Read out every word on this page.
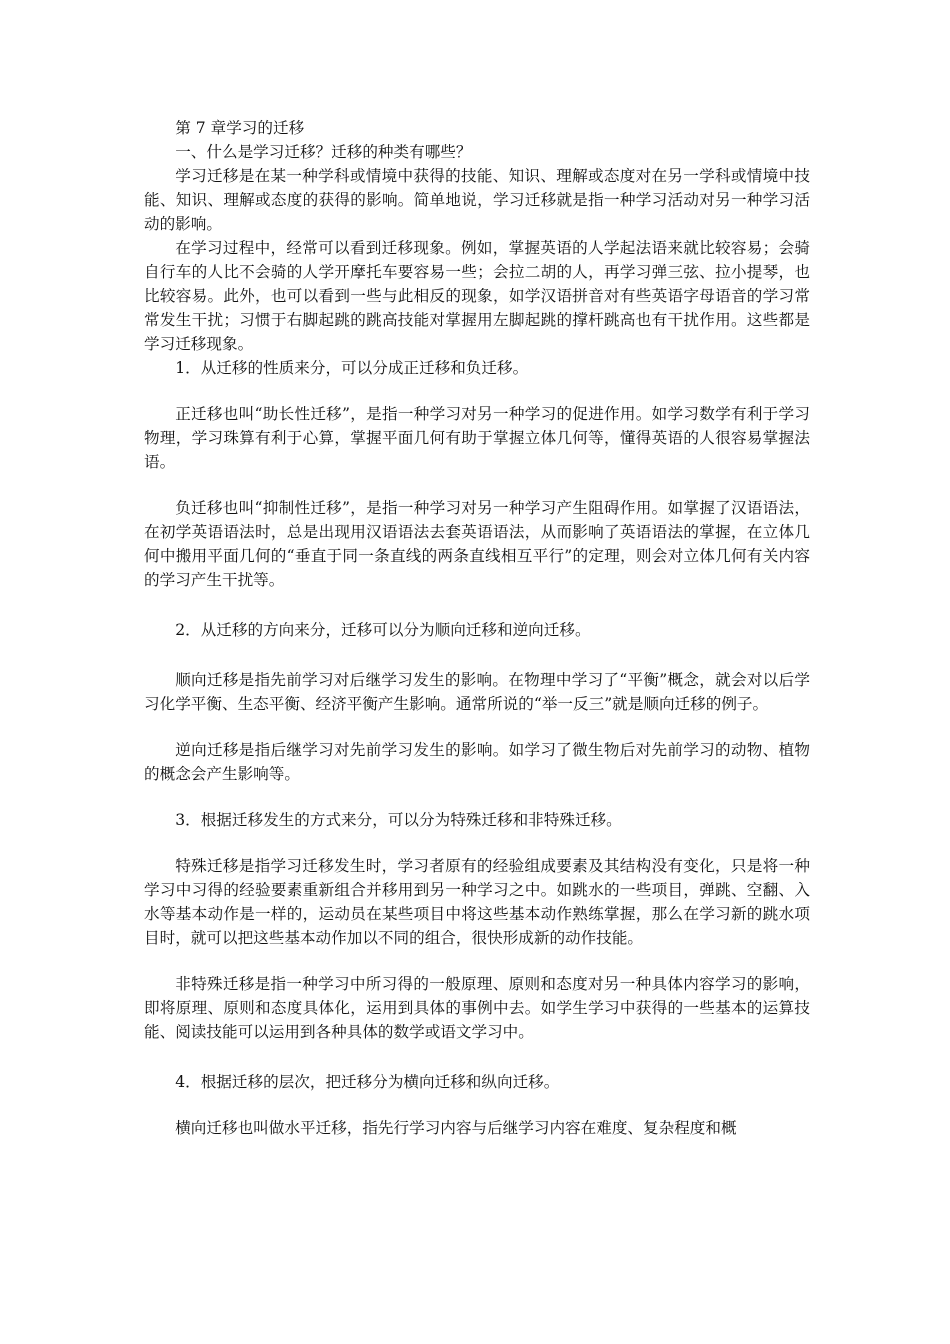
第 7 章学习的迁移

一、什么是学习迁移？迁移的种类有哪些？

学习迁移是在某一种学科或情境中获得的技能、知识、理解或态度对在另一学科或情境中技能、知识、理解或态度的获得的影响。简单地说，学习迁移就是指一种学习活动对另一种学习活动的影响。

在学习过程中，经常可以看到迁移现象。例如，掌握英语的人学起法语来就比较容易；会骑自行车的人比不会骑的人学开摩托车要容易一些；会拉二胡的人，再学习弹三弦、拉小提琴，也比较容易。此外，也可以看到一些与此相反的现象，如学汉语拼音对有些英语字母语音的学习常常发生干扰；习惯于右脚起跳的跳高技能对掌握用左脚起跳的撑杆跳高也有干扰作用。这些都是学习迁移现象。

1．从迁移的性质来分，可以分成正迁移和负迁移。

正迁移也叫“助长性迁移”，是指一种学习对另一种学习的促进作用。如学习数学有利于学习物理，学习珠算有利于心算，掌握平面几何有助于掌握立体几何等，懂得英语的人很容易掌握法语。

负迁移也叫“抑制性迁移”，是指一种学习对另一种学习产生阻碍作用。如掌握了汉语语法，在初学英语语法时，总是出现用汉语语法去套英语语法，从而影响了英语语法的掌握，在立体几何中搬用平面几何的“垂直于同一条直线的两条直线相互平行”的定理，则会对立体几何有关内容的学习产生干扰等。

2．从迁移的方向来分，迁移可以分为顺向迁移和逆向迁移。

顺向迁移是指先前学习对后继学习发生的影响。在物理中学习了“平衡”概念，就会对以后学习化学平衡、生态平衡、经济平衡产生影响。通常所说的“举一反三”就是顺向迁移的例子。

逆向迁移是指后继学习对先前学习发生的影响。如学习了微生物后对先前学习的动物、植物的概念会产生影响等。

3．根据迁移发生的方式来分，可以分为特殊迁移和非特殊迁移。

特殊迁移是指学习迁移发生时，学习者原有的经验组成要素及其结构没有变化，只是将一种学习中习得的经验要素重新组合并移用到另一种学习之中。如跳水的一些项目，弹跳、空翻、入水等基本动作是一样的，运动员在某些项目中将这些基本动作熟练掌握，那么在学习新的跳水项目时，就可以把这些基本动作加以不同的组合，很快形成新的动作技能。

非特殊迁移是指一种学习中所习得的一般原理、原则和态度对另一种具体内容学习的影响，即将原理、原则和态度具体化，运用到具体的事例中去。如学生学习中获得的一些基本的运算技能、阅读技能可以运用到各种具体的数学或语文学习中。

4．根据迁移的层次，把迁移分为横向迁移和纵向迁移。

横向迁移也叫做水平迁移，指先行学习内容与后继学习内容在难度、复杂程度和概
